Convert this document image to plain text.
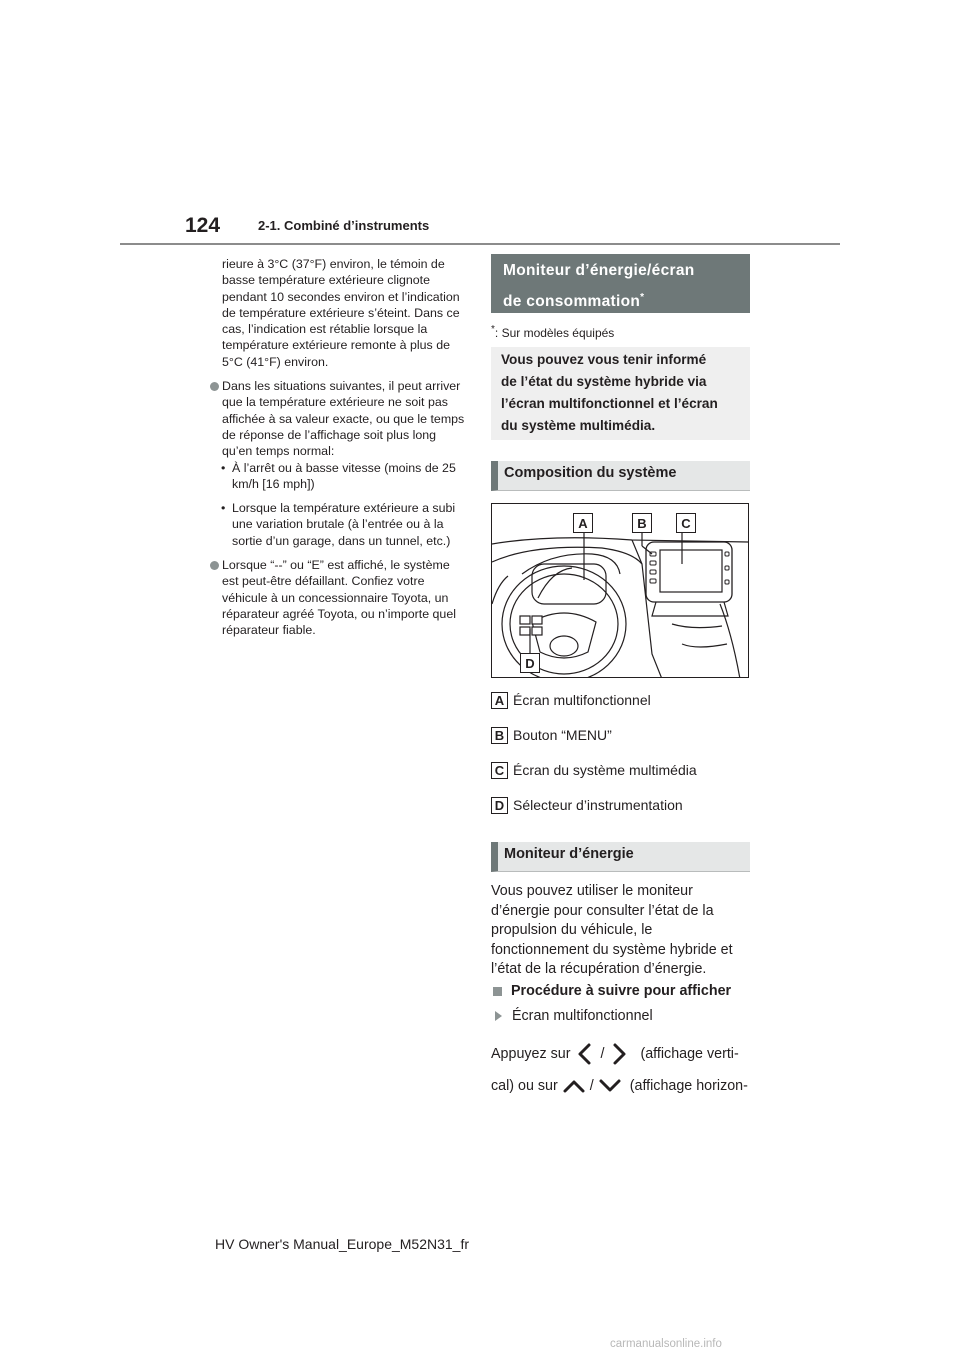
124	2-1. Combiné d’instruments

rieure à 3°C (37°F) environ, le témoin de basse température extérieure clignote pendant 10 secondes environ et l’indication de température extérieure s’éteint. Dans ce cas, l’indication est rétablie lorsque la température extérieure remonte à plus de 5°C (41°F) environ.

Dans les situations suivantes, il peut arriver que la température extérieure ne soit pas affichée à sa valeur exacte, ou que le temps de réponse de l’affichage soit plus long qu’en temps normal:

• À l’arrêt ou à basse vitesse (moins de 25 km/h [16 mph])

• Lorsque la température extérieure a subi une variation brutale (à l’entrée ou à la sortie d’un garage, dans un tunnel, etc.)

Lorsque “--” ou “E” est affiché, le système est peut-être défaillant. Confiez votre véhicule à un concessionnaire Toyota, un réparateur agréé Toyota, ou n’importe quel réparateur fiable.

Moniteur d’énergie/écran
de consommation*
*: Sur modèles équipés
Vous pouvez vous tenir informé
de l’état du système hybride via
l’écran multifonctionnel et l’écran
du système multimédia.
Composition du système
A	B	C
D
A Écran multifonctionnel
B Bouton “MENU”
C Écran du système multimédia
D Sélecteur d’instrumentation
Moniteur d’énergie
Vous pouvez utiliser le moniteur d’énergie pour consulter l’état de la propulsion du véhicule, le fonctionnement du système hybride et l’état de la récupération d’énergie.
Procédure à suivre pour afficher
Écran multifonctionnel
Appuyez sur /	(affichage verti-
cal) ou sur /	(affichage horizon-
HV Owner's Manual_Europe_M52N31_fr
carmanualsonline.info
